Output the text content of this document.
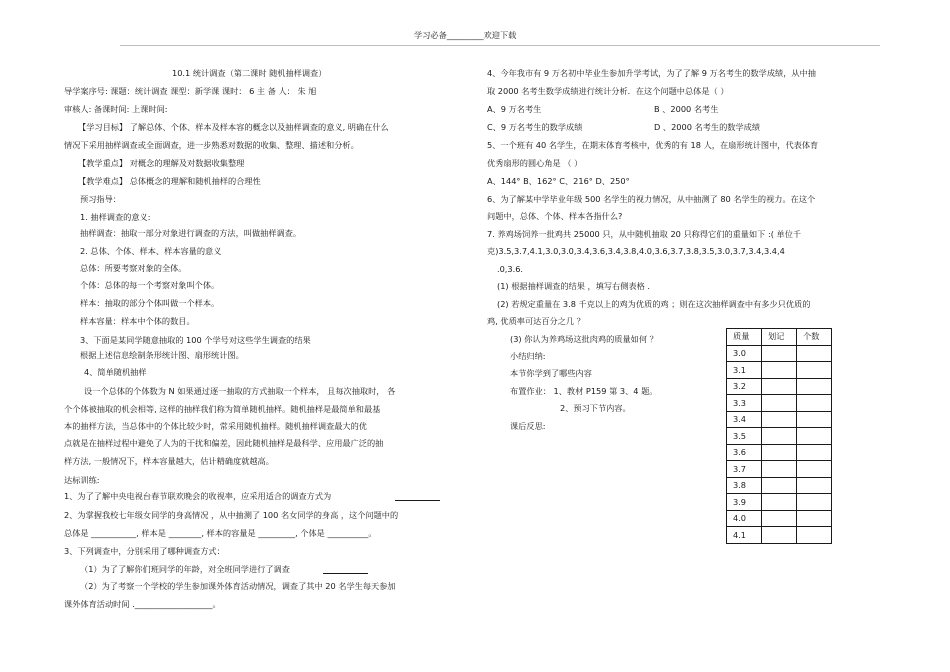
学习必备_________欢迎下载
10.1 统计调查（第二课时 随机抽样调查）
导学案序号: 课题：统计调查 课型：新学课 课时： 6 主 备 人： 朱 旭
审核人: 备课时间: 上课时间:
【学习目标】 了解总体、个体、样本及样本容的概念以及抽样调查的意义, 明确在什么
情况下采用抽样调查或全面调查，进一步熟悉对数据的收集、整理、描述和分析。
【教学重点】 对概念的理解及对数据收集整理
【教学难点】 总体概念的理解和随机抽样的合理性
预习指导：
1. 抽样调查的意义:
抽样调查：抽取一部分对象进行调查的方法，叫做抽样调查。
2. 总体、个体、样本、样本容量的意义
总体：所要考察对象的全体。
个体：总体的每一个考察对象叫个体。
样本：抽取的部分个体叫做一个样本。
样本容量：样本中个体的数目。
3、下面是某同学随意抽取的 100 个学号对这些学生调查的结果
根据上述信息绘制条形统计图、扇形统计图。
4、简单随机抽样
设一个总体的个体数为 N 如果通过逐一抽取的方式抽取一个样本， 且每次抽取时， 各
个个体被抽取的机会相等, 这样的抽样我们称为简单随机抽样。随机抽样是最简单和最基
本的抽样方法，当总体中的个体比较少时，常采用随机抽样。随机抽样调查最大的优
点就是在抽样过程中避免了人为的干扰和偏差，因此随机抽样是最科学、应用最广泛的抽
样方法, 一般情况下，样本容量越大，估计精确度就越高。
达标训练:
1、为了了解中央电视台春节联欢晚会的收视率，应采用适合的调查方式为
2、为掌握我校七年级女同学的身高情况 ，从中抽测了 100 名女同学的身高 ，这个问题中的
总体是 ___________, 样本是 ________, 样本的容量是 _________, 个体是 __________。
3、下列调查中，分别采用了哪种调查方式：
（1）为了了解你们班同学的年龄，对全班同学进行了调查
（2）为了考察一个学校的学生参加课外体育活动情况，调查了其中 20 名学生每天参加
课外体育活动时间 .___________________。
4、今年我市有 9 万名初中毕业生参加升学考试，为了了解 9 万名考生的数学成绩，从中抽
取 2000 名考生数学成绩进行统计分析．在这个问题中总体是（ ）
A、9 万名考生	B 、2000 名考生
C、9 万名考生的数学成绩	D 、2000 名考生的数学成绩
5、一个班有 40 名学生，在期末体育考核中，优秀的有 18 人，在扇形统计图中，代表体育
优秀扇形的圆心角是 （ ）
A、144° B、162° C、216° D、250°
6、为了解某中学毕业年级 500 名学生的视力情况，从中抽测了 80 名学生的视力。在这个
问题中，总体、个体、样本各指什么?
7. 养鸡场饲养一批鸡共 25000 只，从中随机抽取 20 只称得它们的重量如下 :( 单位千
克)3.5,3.7,4.1,3.0,3.0,3.4,3.6,3.4,3.8,4.0,3.6,3.7,3.8,3.5,3.0,3.7,3.4,3.4,4
.0,3.6.
(1) 根据抽样调查的结果 ，填写右侧表格 .
(2) 若规定重量在 3.8 千克以上的鸡为优质的鸡 ；则在这次抽样调查中有多少只优质的
鸡, 优质率可达百分之几 ？
(3) 你认为养鸡场这批肉鸡的质量如何 ？
小结归纳:
本节你学到了哪些内容
布置作业： 1、教材 P159 第 3、4 题。
2、预习下节内容。
课后反思:
质量	划记	个数
3.0		
3.1		
3.2		
3.3		
3.4		
3.5		
3.6		
3.7		
3.8		
3.9		
4.0		
4.1		
